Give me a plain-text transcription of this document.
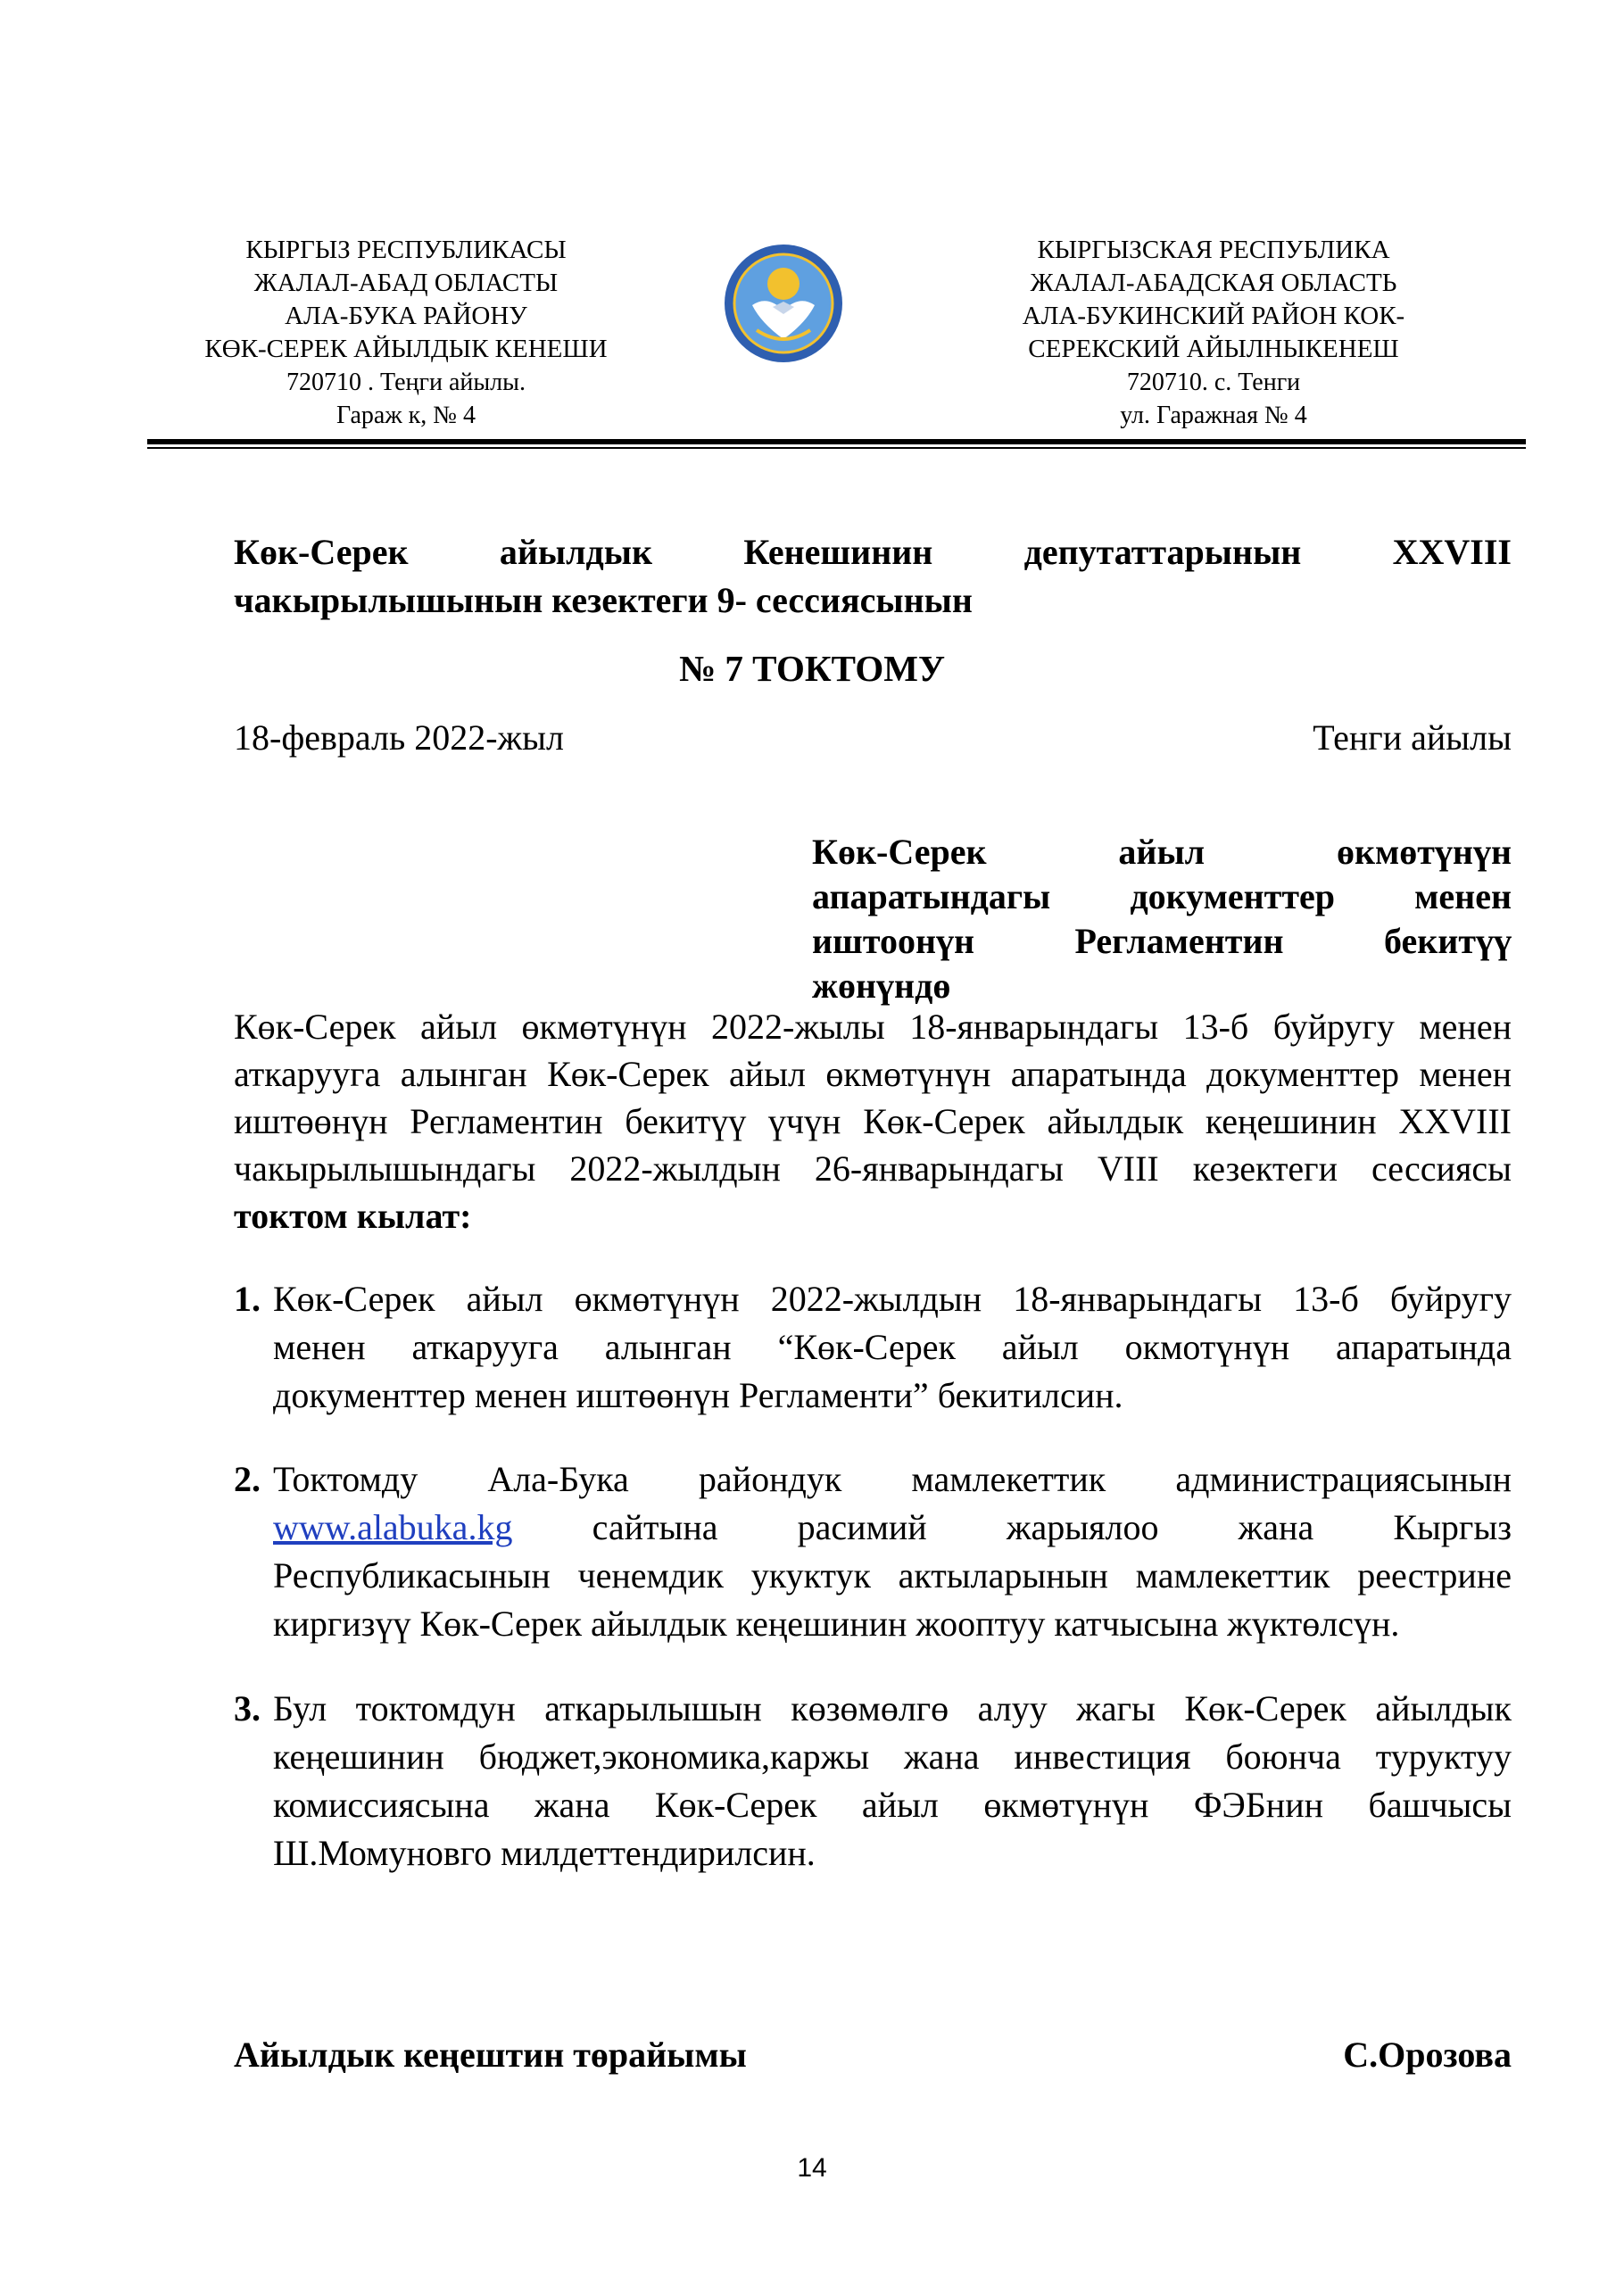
КЫРГЫЗ РЕСПУБЛИКАСЫ
ЖАЛАЛ-АБАД ОБЛАСТЫ
АЛА-БУКА РАЙОНУ
КӨК-СЕРЕК АЙЫЛДЫК КЕНЕШИ
720710 . Теңги айылы.
Гараж к, № 4
КЫРГЫЗСКАЯ РЕСПУБЛИКА
ЖАЛАЛ-АБАДСКАЯ ОБЛАСТЬ
АЛА-БУКИНСКИЙ РАЙОН КОК-
СЕРЕКСКИЙ АЙЫЛНЫКЕНЕШ
720710. с. Тенги
ул. Гаражная № 4
Көк-Серек айылдык Кенешинин депутаттарынын XXVIII
чакырылышынын кезектеги 9- сессиясынын
№ 7 ТОКТОМУ
18-февраль 2022-жыл	Тенги айылы
Көк-Серек айыл өкмөтүнүн
апаратындагы документтер менен
иштоонүн Регламентин бекитүү
жөнүндө
Көк-Серек айыл өкмөтүнүн 2022-жылы 18-январындагы 13-б буйругу менен
аткарууга алынган Көк-Серек айыл өкмөтүнүн апаратында документтер менен
иштөөнүн Регламентин бекитүү үчүн Көк-Серек айылдык кеңешинин XXVIII
чакырылышындагы 2022-жылдын 26-январындагы VIII кезектеги сессиясы
токтом кылат:
1. Көк-Серек айыл өкмөтүнүн 2022-жылдын 18-январындагы 13-б буйругу
менен аткарууга алынган “Көк-Серек айыл окмотүнүн апаратында
документтер менен иштөөнүн Регламенти” бекитилсин.
2. Токтомду Ала-Бука райондук мамлекеттик администрациясынын
www.alabuka.kg сайтына расимий жарыялоо жана Кыргыз
Республикасынын ченемдик укуктук актыларынын мамлекеттик реестрине
киргизүү Көк-Серек айылдык кеңешинин жооптуу катчысына жүктөлсүн.
3. Бул токтомдун аткарылышын көзөмөлгө алуу жагы Көк-Серек айылдык
кеңешинин бюджет,экономика,каржы жана инвестиция боюнча туруктуу
комиссиясына жана Көк-Серек айыл өкмөтүнүн ФЭБнин башчысы
Ш.Момуновго милдеттендирилсин.
Айылдык кеңештин төрайымы	С.Орозова
14
